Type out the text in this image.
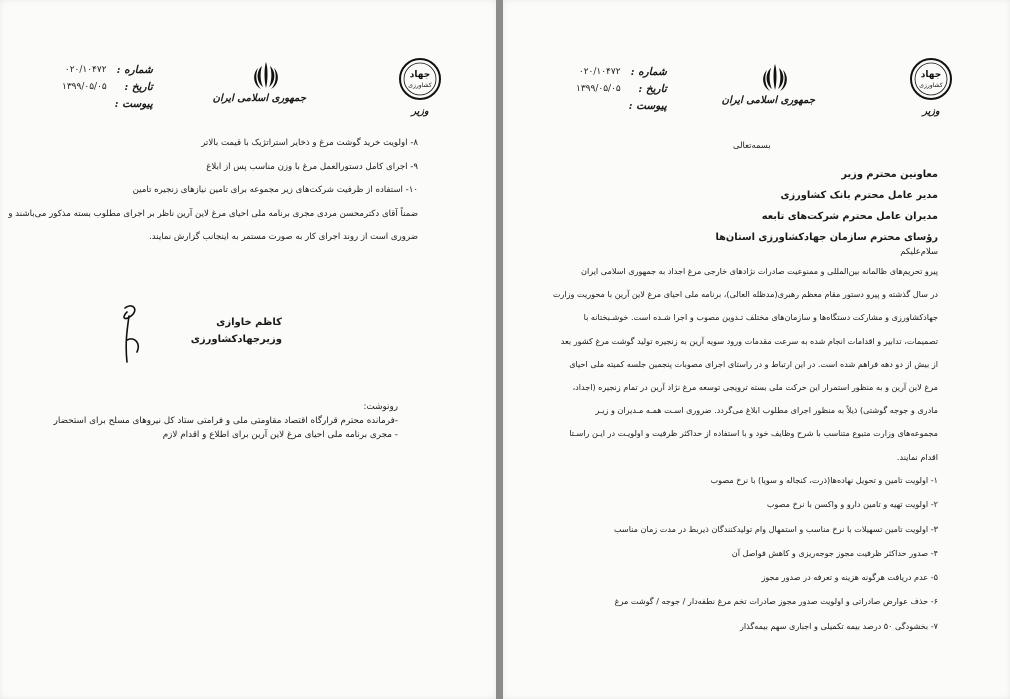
شماره :
۰۲۰/۱۰۴۷۲
تاریخ :
۱۳۹۹/۰۵/۰۵
پیوست :	جمهوری اسلامی ایران
جهاد
کشاورزی
وزیر
۸- اولویت خرید گوشت مرغ و ذخایر استراتژیک با قیمت بالاتر
۹- اجرای کامل دستورالعمل مرغ با وزن مناسب پس از ابلاغ
۱۰- استفاده از ظرفیت شرکت‌های زیر مجموعه برای تامین نیازهای زنجیره تامین
ضمناً آقای دکترمحسن مردی مجری برنامه ملی احیای مرغ لاین آرین ناظر بر اجرای مطلوب بسته مذکور می‌باشند و
ضروری است از روند اجرای کار به صورت مستمر به اینجانب گزارش نمایند.
کاظم خاوازی
وزیرجهادکشاورزی
رونوشت:
-فرمانده محترم قرارگاه اقتصاد مقاومتی ملی و فرامتی ستاد کل نیروهای مسلح برای استحضار
- مجری برنامه ملی احیای مرغ لاین آرین برای اطلاع و اقدام لازم
شماره :
۰۲۰/۱۰۴۷۲
تاریخ :
۱۳۹۹/۰۵/۰۵
پیوست :	جمهوری اسلامی ایران
جهاد
کشاورزی
وزیر
بسمه‌تعالی
معاونین محترم وزیر
مدیر عامل محترم بانک کشاورزی
مدیران عامل محترم شرکت‌های تابعه
رؤسای محترم سازمان جهادکشاورزی استان‌ها
سلام‌علیکم
پیرو تحریم‌های ظالمانه بین‌المللی و ممنوعیت صادرات نژادهای خارجی مرغ اجداد به جمهوری اسلامی ایران
در سال گذشته و پیرو دستور مقام معظم رهبری(مدظله العالی)، برنامه ملی احیای مرغ لاین آرین با محوریت وزارت
جهادکشاورزی و مشارکت دستگاه‌ها و سازمان‌های مختلف تـدوین مصوب و اجرا شـده است. خوشـبختانه با
تصمیمات، تدابیر و اقدامات انجام شده به سرعت مقدمات ورود سویه آرین به زنجیره تولید گوشت مرغ کشور بعد
از بیش از دو دهه فراهم شده است. در این ارتباط و در راستای اجرای مصوبات پنجمین جلسه کمیته ملی احیای
مرغ لاین آرین و به منظور استمرار این حرکت ملی بسته ترویجی توسعه مرغ نژاد آرین در تمام زنجیره (اجداد،
مادری و جوجه گوشتی) ذیلاً به منظور اجرای مطلوب ابلاغ می‌گردد. ضروری اسـت همـه مـدیران و زیـر
مجموعه‌های وزارت متبوع متناسب با شرح وظایف خود و با استفاده از حداکثر ظرفیت و اولویـت در ایـن راسـتا
اقدام نمایند.
۱- اولویت تامین و تحویل نهاده‌ها(ذرت، کنجاله و سویا) با نرخ مصوب
۲- اولویت تهیه و تامین دارو و واکسن با نرخ مصوب
۳- اولویت تامین تسهیلات با نرخ مناسب و استمهال وام تولیدکنندگان ذیربط در مدت زمان مناسب
۴- صدور حداکثر ظرفیت مجوز جوجه‌ریزی و کاهش فواصل آن
۵- عدم دریافت هرگونه هزینه و تعرفه در صدور مجوز
۶- حذف عوارض صادراتی و اولویت صدور مجوز صادرات تخم مرغ نطفه‌دار / جوجه / گوشت مرغ
۷- بخشودگی ۵۰ درصد بیمه تکمیلی و اجباری سهم بیمه‌گذار
